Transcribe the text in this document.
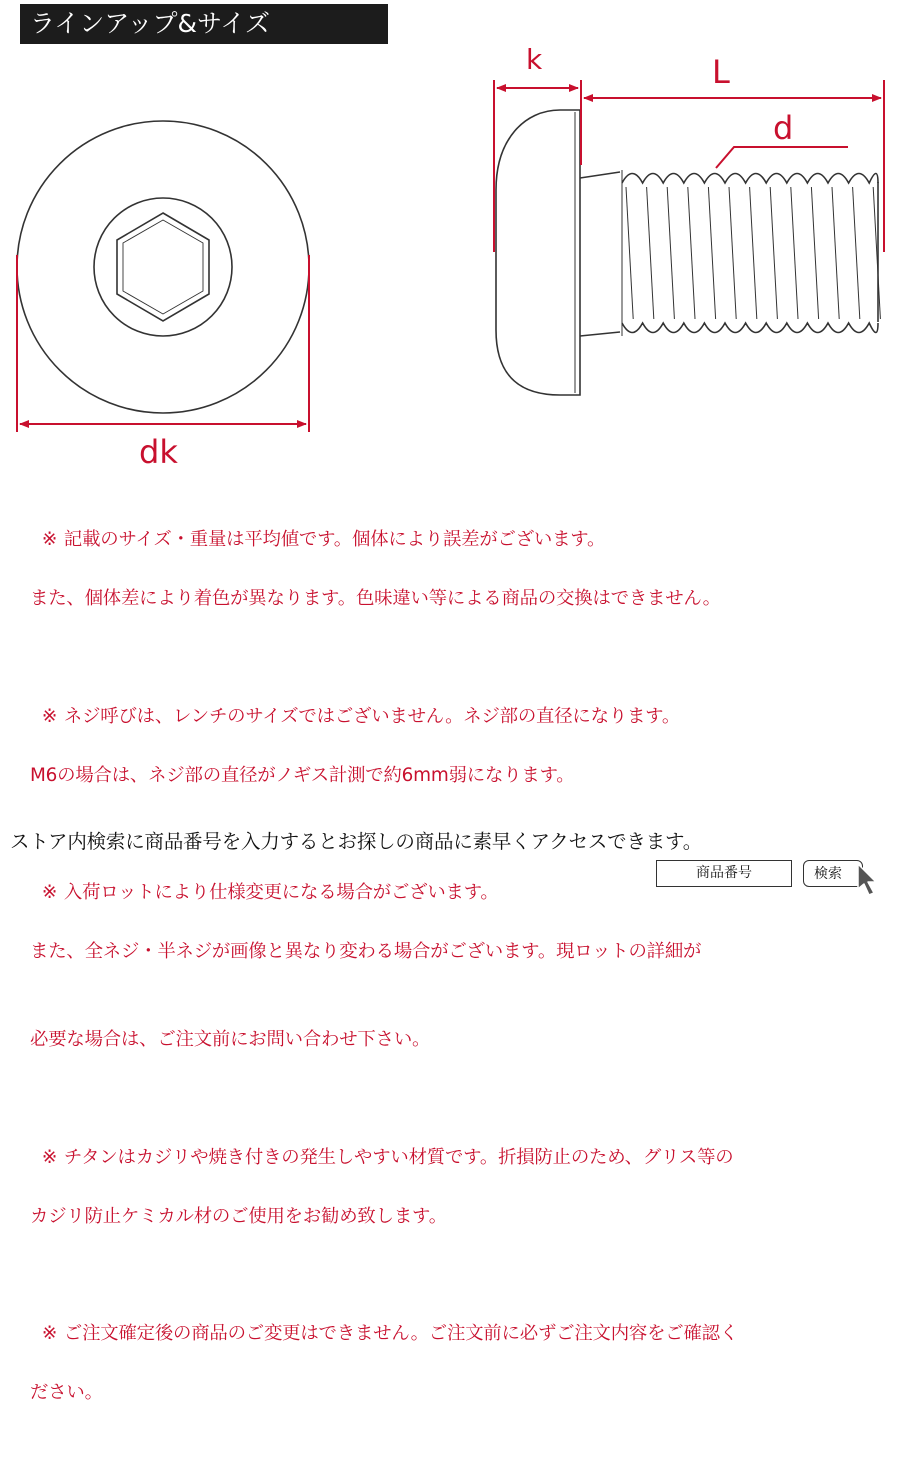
ラインアップ&サイズ
k	L
d
dk

※ 記載のサイズ・重量は平均値です。個体により誤差がございます。

また、個体差により着色が異なります。色味違い等による商品の交換はできません。

※ ネジ呼びは、レンチのサイズではございません。ネジ部の直径になります。

M6の場合は、ネジ部の直径がノギス計測で約6mm弱になります。

※ 入荷ロットにより仕様変更になる場合がございます。

また、全ネジ・半ネジが画像と異なり変わる場合がございます。現ロットの詳細が

必要な場合は、ご注文前にお問い合わせ下さい。

※ チタンはカジリや焼き付きの発生しやすい材質です。折損防止のため、グリス等の

カジリ防止ケミカル材のご使用をお勧め致します。

※ ご注文確定後の商品のご変更はできません。ご注文前に必ずご注文内容をご確認く

ださい。

ストア内検索に商品番号を入力するとお探しの商品に素早くアクセスできます。
商品番号	検索
